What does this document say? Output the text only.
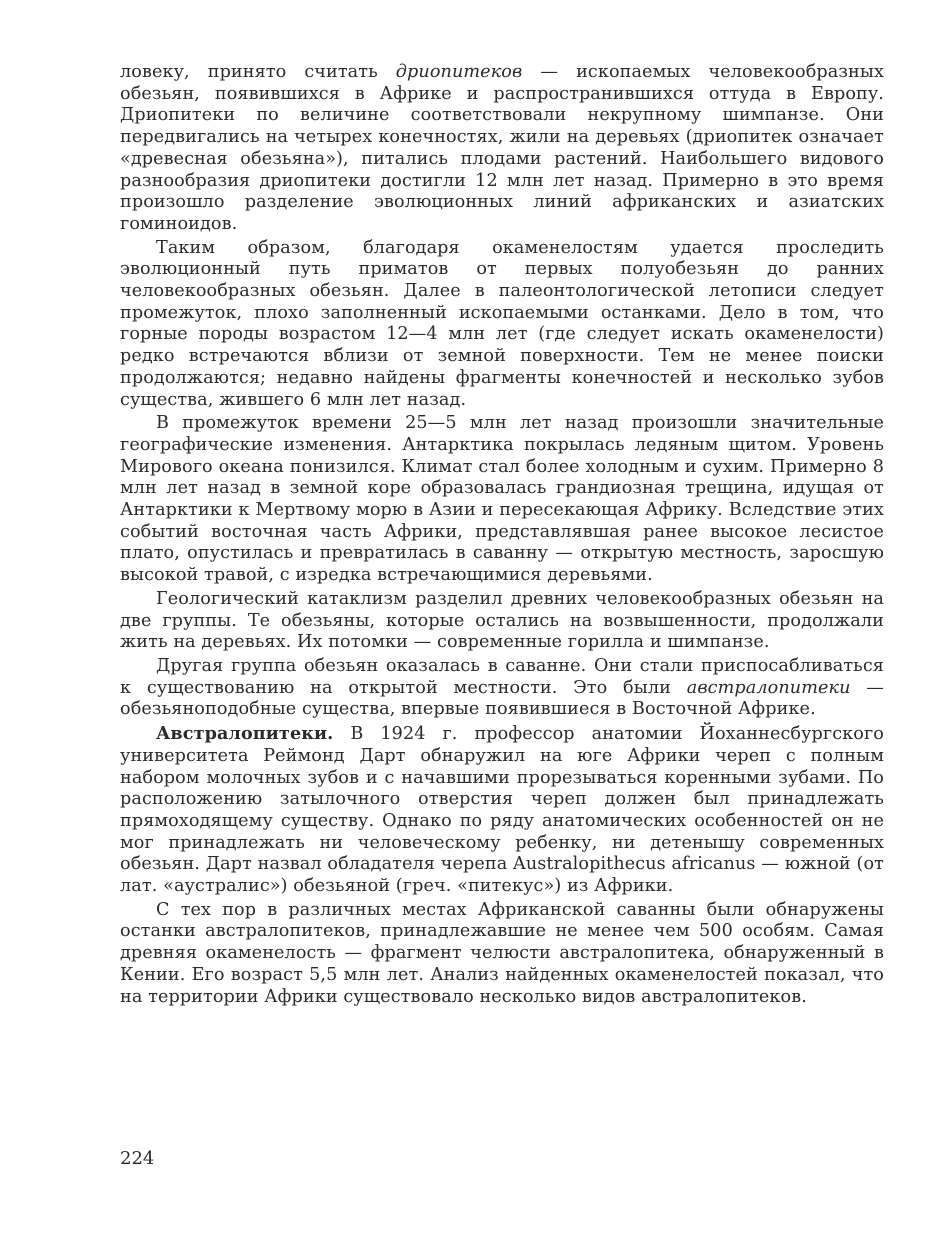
ловеку, принято считать дриопитеков — ископаемых человекообразных обезьян, появившихся в Африке и распространившихся оттуда в Европу. Дриопитеки по величине соответствовали некрупному шимпанзе. Они передвигались на четырех конечностях, жили на деревьях (дриопитек означает «древесная обезьяна»), питались плодами растений. Наибольшего видового разнообразия дриопитеки достигли 12 млн лет назад. Примерно в это время произошло разделение эволюционных линий африканских и азиатских гоминоидов.

Таким образом, благодаря окаменелостям удается проследить эволюционный путь приматов от первых полуобезьян до ранних человекообразных обезьян. Далее в палеонтологической летописи следует промежуток, плохо заполненный ископаемыми останками. Дело в том, что горные породы возрастом 12—4 млн лет (где следует искать окаменелости) редко встречаются вблизи от земной поверхности. Тем не менее поиски продолжаются; недавно найдены фрагменты конечностей и несколько зубов существа, жившего 6 млн лет назад.

В промежуток времени 25—5 млн лет назад произошли значительные географические изменения. Антарктика покрылась ледяным щитом. Уровень Мирового океана понизился. Климат стал более холодным и сухим. Примерно 8 млн лет назад в земной коре образовалась грандиозная трещина, идущая от Антарктики к Мертвому морю в Азии и пересекающая Африку. Вследствие этих событий восточная часть Африки, представлявшая ранее высокое лесистое плато, опустилась и превратилась в саванну — открытую местность, заросшую высокой травой, с изредка встречающимися деревьями.

Геологический катаклизм разделил древних человекообразных обезьян на две группы. Те обезьяны, которые остались на возвышенности, продолжали жить на деревьях. Их потомки — современные горилла и шимпанзе.

Другая группа обезьян оказалась в саванне. Они стали приспосабливаться к существованию на открытой местности. Это были австралопитеки — обезьяноподобные существа, впервые появившиеся в Восточной Африке.

Австралопитеки. В 1924 г. профессор анатомии Йоханнесбургского университета Реймонд Дарт обнаружил на юге Африки череп с полным набором молочных зубов и с начавшими прорезываться коренными зубами. По расположению затылочного отверстия череп должен был принадлежать прямоходящему существу. Однако по ряду анатомических особенностей он не мог принадлежать ни человеческому ребенку, ни детенышу современных обезьян. Дарт назвал обладателя черепа Australopithecus africanus — южной (от лат. «аустралис») обезьяной (греч. «питекус») из Африки.

С тех пор в различных местах Африканской саванны были обнаружены останки австралопитеков, принадлежавшие не менее чем 500 особям. Самая древняя окаменелость — фрагмент челюсти австралопитека, обнаруженный в Кении. Его возраст 5,5 млн лет. Анализ найденных окаменелостей показал, что на территории Африки существовало несколько видов австралопитеков.

224
